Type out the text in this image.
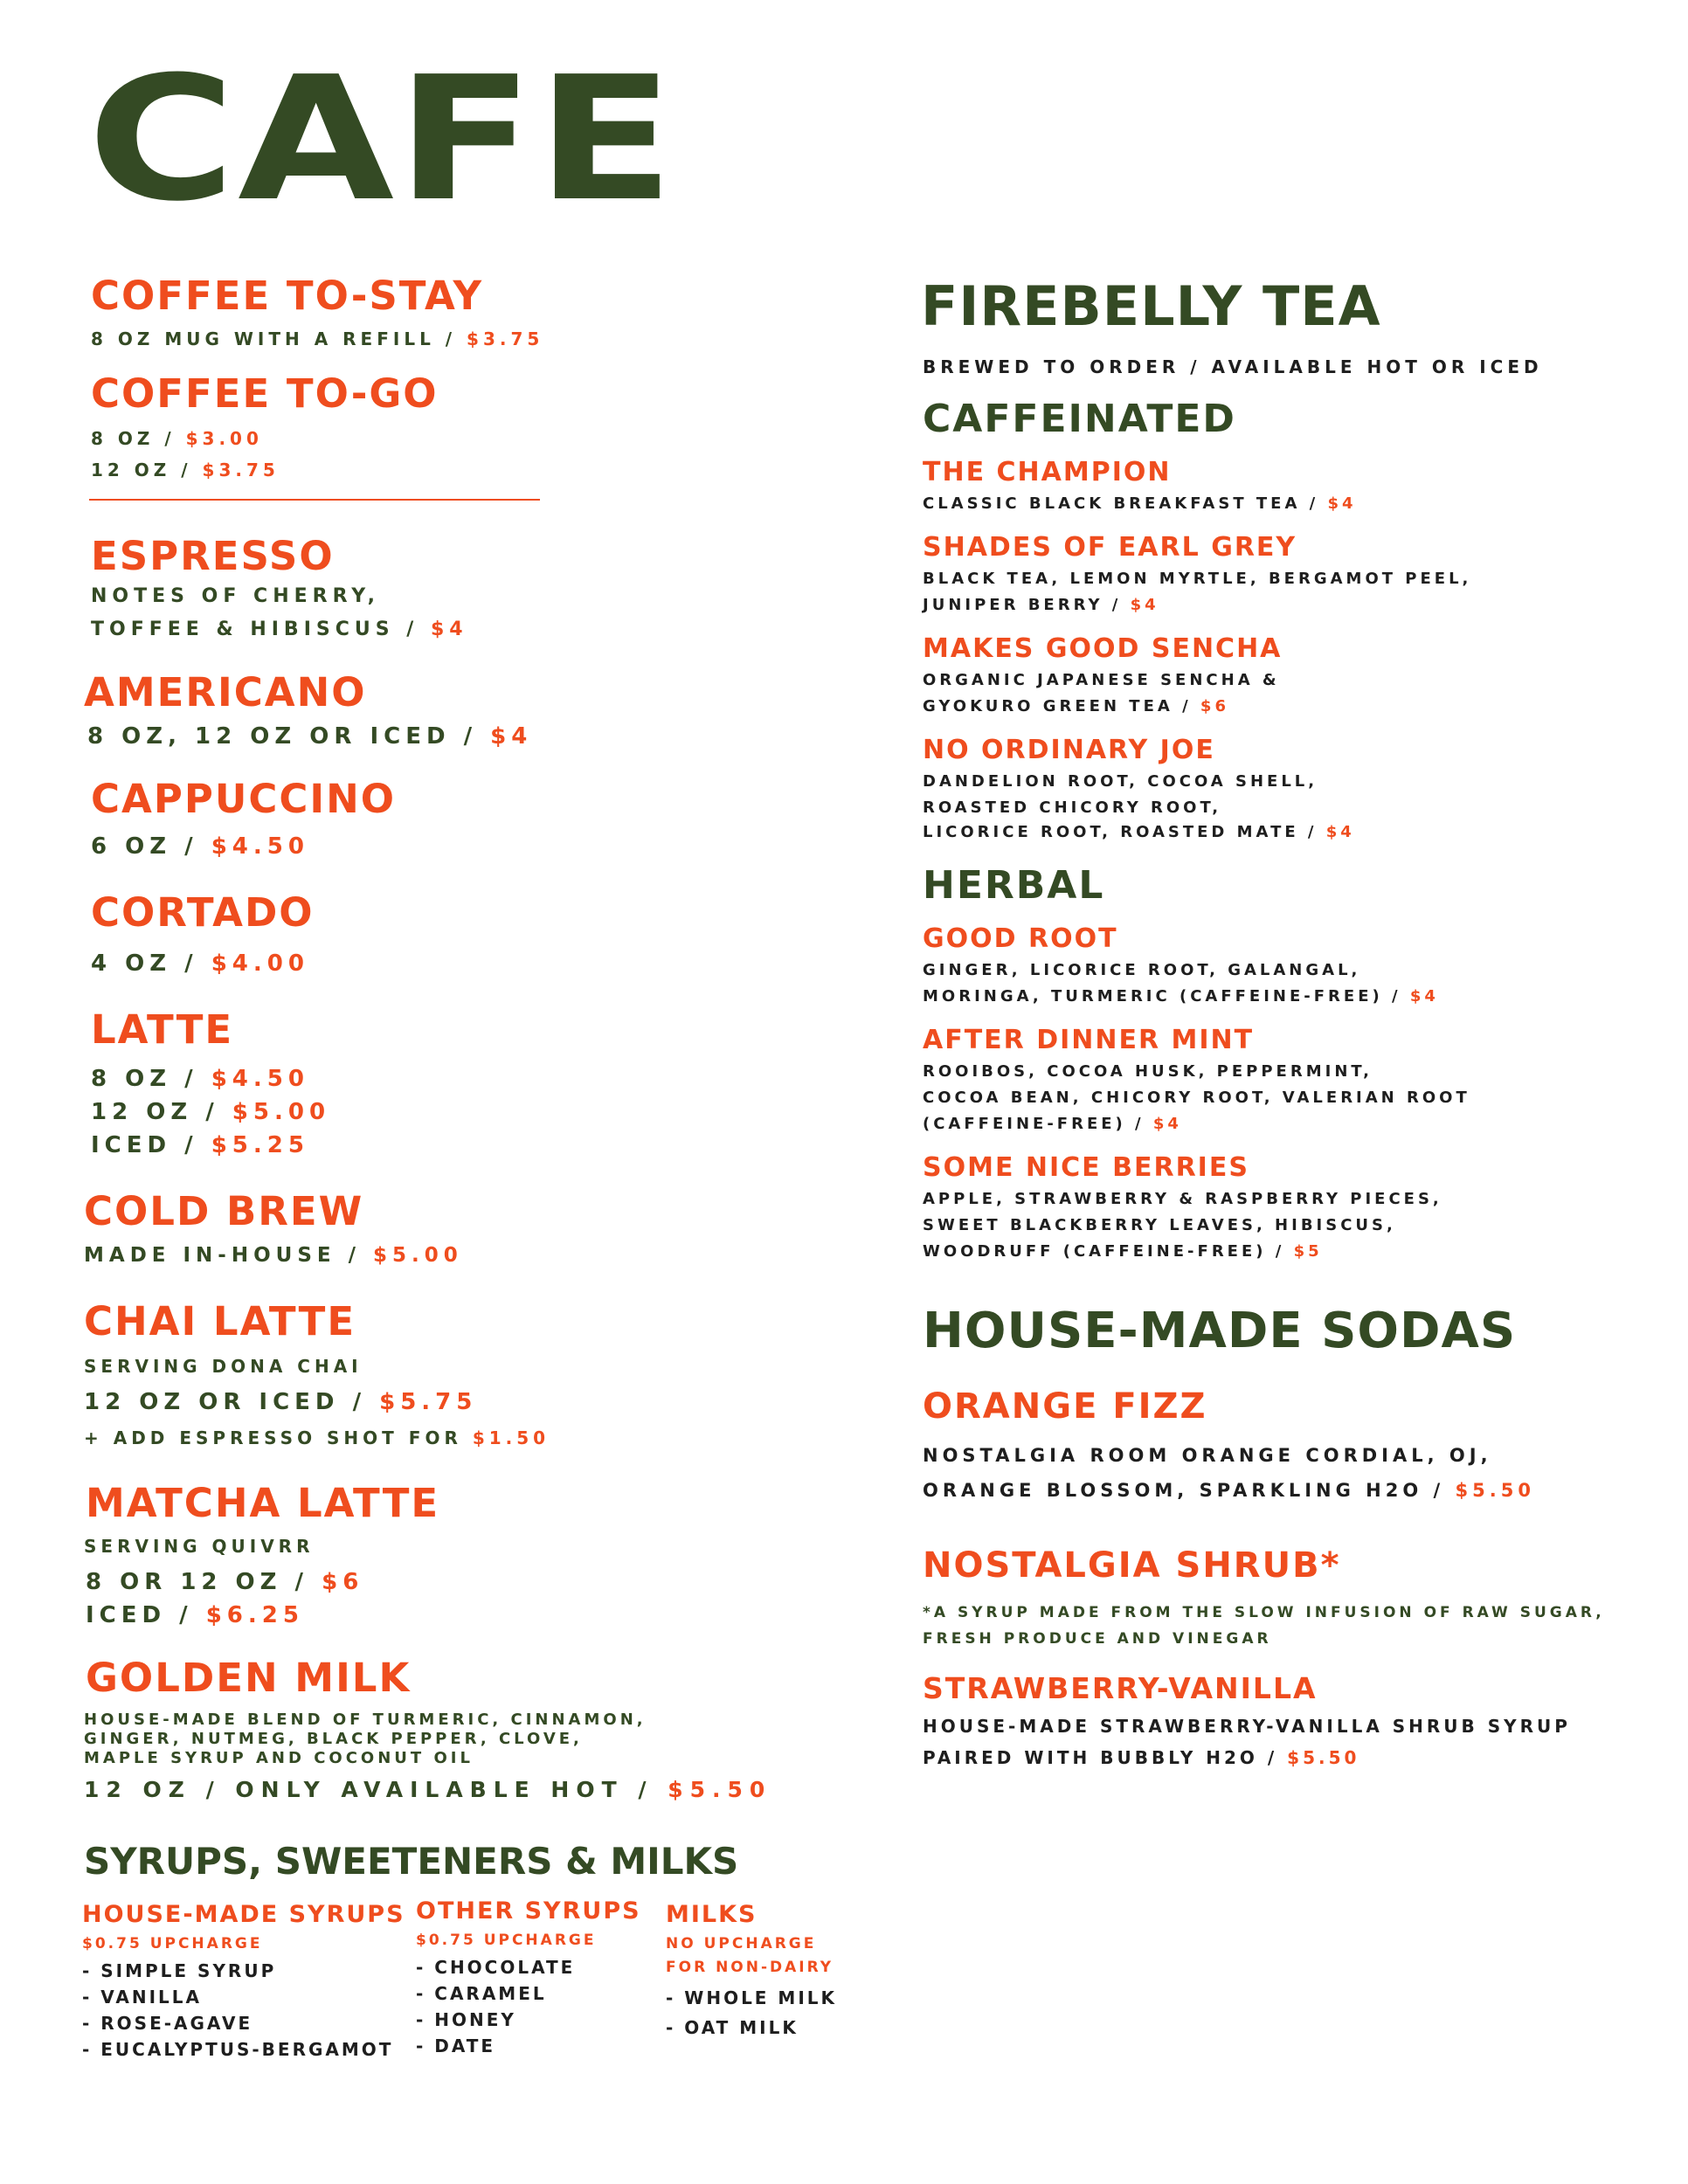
CAFE
COFFEE TO-STAY
8 OZ MUG WITH A REFILL / $3.75
COFFEE TO-GO
8 OZ / $3.00
12 OZ / $3.75
ESPRESSO
NOTES OF CHERRY,
TOFFEE & HIBISCUS / $4
AMERICANO
8 OZ, 12 OZ OR ICED / $4
CAPPUCCINO
6 OZ / $4.50
CORTADO
4 OZ / $4.00
LATTE
8 OZ / $4.50
12 OZ / $5.00
ICED / $5.25
COLD BREW
MADE IN-HOUSE / $5.00
CHAI LATTE
SERVING DONA CHAI
12 OZ OR ICED / $5.75
+ ADD ESPRESSO SHOT FOR $1.50
MATCHA LATTE
SERVING QUIVRR
8 OR 12 OZ / $6
ICED / $6.25
GOLDEN MILK
HOUSE-MADE BLEND OF TURMERIC, CINNAMON,
GINGER, NUTMEG, BLACK PEPPER, CLOVE,
MAPLE SYRUP AND COCONUT OIL
12 OZ / ONLY AVAILABLE HOT / $5.50
SYRUPS, SWEETENERS & MILKS
HOUSE-MADE SYRUPS
$0.75 UPCHARGE
- SIMPLE SYRUP
- VANILLA
- ROSE-AGAVE
- EUCALYPTUS-BERGAMOT
OTHER SYRUPS
$0.75 UPCHARGE
- CHOCOLATE
- CARAMEL
- HONEY
- DATE
MILKS
NO UPCHARGE
FOR NON-DAIRY
- WHOLE MILK
- OAT MILK
FIREBELLY TEA
BREWED TO ORDER / AVAILABLE HOT OR ICED
CAFFEINATED
THE CHAMPION
CLASSIC BLACK BREAKFAST TEA / $4
SHADES OF EARL GREY
BLACK TEA, LEMON MYRTLE, BERGAMOT PEEL,
JUNIPER BERRY / $4
MAKES GOOD SENCHA
ORGANIC JAPANESE SENCHA &
GYOKURO GREEN TEA / $6
NO ORDINARY JOE
DANDELION ROOT, COCOA SHELL,
ROASTED CHICORY ROOT,
LICORICE ROOT, ROASTED MATE / $4
HERBAL
GOOD ROOT
GINGER, LICORICE ROOT, GALANGAL,
MORINGA, TURMERIC (CAFFEINE-FREE) / $4
AFTER DINNER MINT
ROOIBOS, COCOA HUSK, PEPPERMINT,
COCOA BEAN, CHICORY ROOT, VALERIAN ROOT
(CAFFEINE-FREE) / $4
SOME NICE BERRIES
APPLE, STRAWBERRY & RASPBERRY PIECES,
SWEET BLACKBERRY LEAVES, HIBISCUS,
WOODRUFF (CAFFEINE-FREE) / $5
HOUSE-MADE SODAS
ORANGE FIZZ
NOSTALGIA ROOM ORANGE CORDIAL, OJ,
ORANGE BLOSSOM, SPARKLING H2O / $5.50
NOSTALGIA SHRUB*
*A SYRUP MADE FROM THE SLOW INFUSION OF RAW SUGAR,
FRESH PRODUCE AND VINEGAR
STRAWBERRY-VANILLA
HOUSE-MADE STRAWBERRY-VANILLA SHRUB SYRUP
PAIRED WITH BUBBLY H2O / $5.50
